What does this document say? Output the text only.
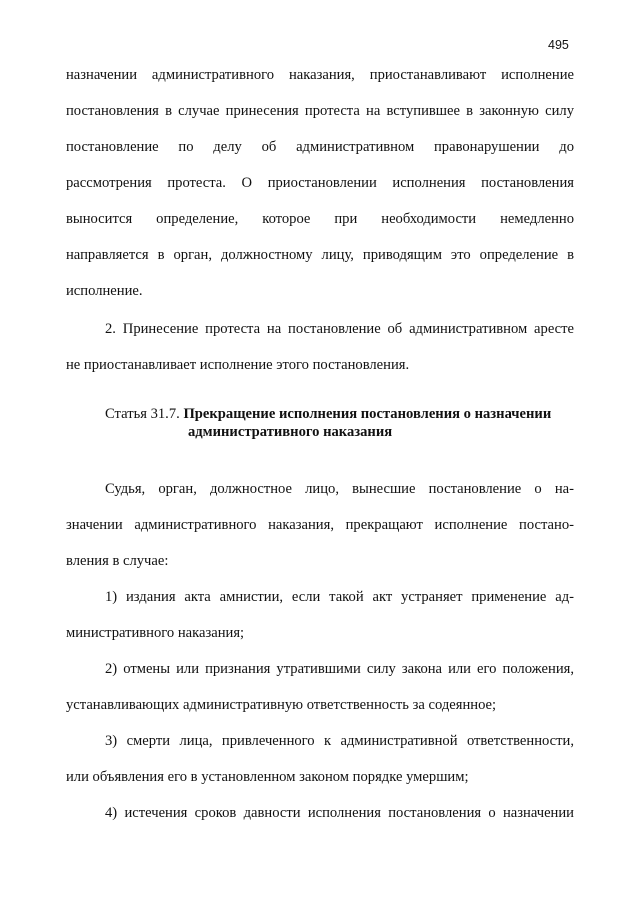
495
назначении административного наказания, приостанавливают исполнение
постановления в случае принесения протеста на вступившее в законную силу
постановление по делу об административном правонарушении до
рассмотрения протеста. О приостановлении исполнения постановления
выносится определение, которое при необходимости немедленно
направляется в орган, должностному лицу, приводящим это определение в
исполнение.
2. Принесение протеста на постановление об административном аресте
не приостанавливает исполнение этого постановления.
Статья 31.7. Прекращение исполнения постановления о назначении
административного наказания
Судья, орган, должностное лицо, вынесшие постановление о на-
значении административного наказания, прекращают исполнение постано-
вления в случае:
1) издания акта амнистии, если такой акт устраняет применение ад-
министративного наказания;
2) отмены или признания утратившими силу закона или его положения,
устанавливающих административную ответственность за содеянное;
3) смерти лица, привлеченного к административной ответственности,
или объявления его в установленном законом порядке умершим;
4) истечения сроков давности исполнения постановления о назначении
